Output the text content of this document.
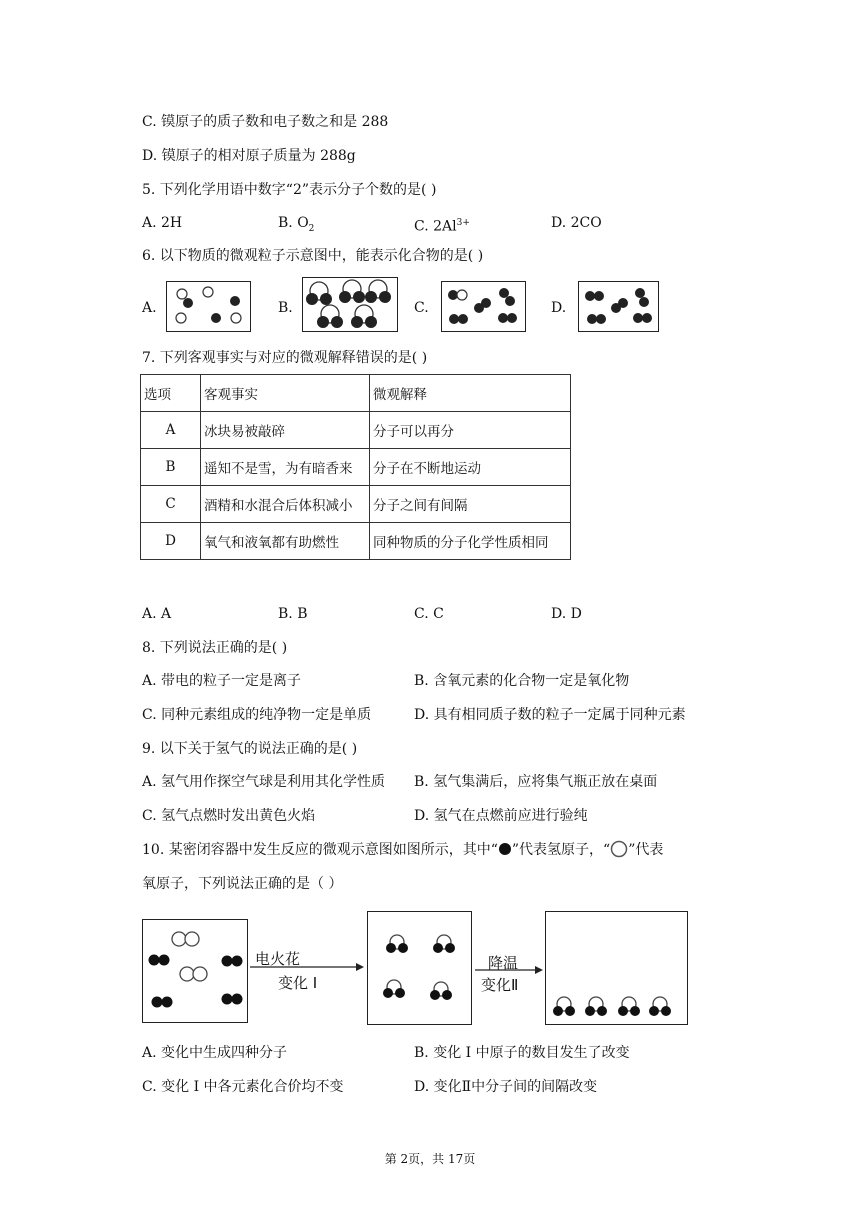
C. 镆原子的质子数和电子数之和是 288
D. 镆原子的相对原子质量为 288g
5. 下列化学用语中数字“2”表示分子个数的是( )
A. 2H	B. $O_2$	C. $2Al^{3+}$	D. 2CO
6. 以下物质的微观粒子示意图中，能表示化合物的是( )
A.	B.	C.	D.
7. 下列客观事实与对应的微观解释错误的是( )
选项	客观事实	微观解释
A	冰块易被敲碎	分子可以再分
B	遥知不是雪，为有暗香来	分子在不断地运动
C	酒精和水混合后体积减小	分子之间有间隔
D	氧气和液氧都有助燃性	同种物质的分子化学性质相同
A. A	B. B	C. C	D. D
8. 下列说法正确的是( )
A. 带电的粒子一定是离子	B. 含氧元素的化合物一定是氧化物
C. 同种元素组成的纯净物一定是单质	D. 具有相同质子数的粒子一定属于同种元素
9. 以下关于氢气的说法正确的是( )
A. 氢气用作探空气球是利用其化学性质 B. 氢气集满后，应将集气瓶正放在桌面
C. 氢气点燃时发出黄色火焰	D. 氢气在点燃前应进行验纯
10. 某密闭容器中发生反应的微观示意图如图所示，其中“ ”代表氢原子，“ ”代表
氧原子，下列说法正确的是（ ）
电火花
变化 I
降温
变化Ⅱ
A. 变化中生成四种分子	B. 变化 I 中原子的数目发生了改变
C. 变化 I 中各元素化合价均不变	D. 变化Ⅱ中分子间的间隔改变
第 2页，共 17页
